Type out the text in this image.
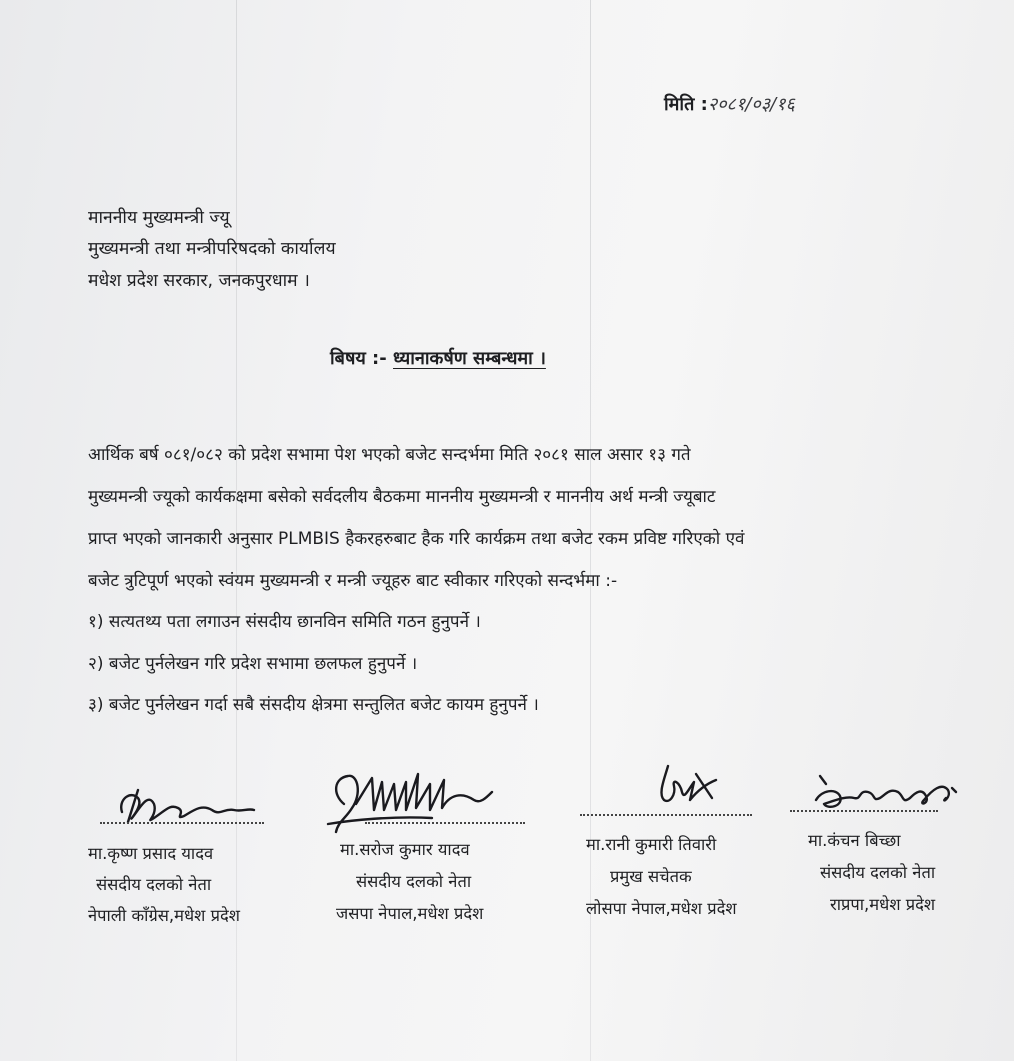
मिति :२०८१/०३/१६
माननीय मुख्यमन्त्री ज्यू
मुख्यमन्त्री तथा मन्त्रीपरिषदको कार्यालय
मधेश प्रदेश सरकार, जनकपुरधाम ।
बिषय :- ध्यानाकर्षण सम्बन्धमा ।
आर्थिक बर्ष ०८१/०८२ को प्रदेश सभामा पेश भएको बजेट सन्दर्भमा मिति २०८१ साल असार १३ गते
मुख्यमन्त्री ज्यूको कार्यकक्षमा बसेको सर्वदलीय बैठकमा माननीय मुख्यमन्त्री र माननीय अर्थ मन्त्री ज्यूबाट
प्राप्त भएको जानकारी अनुसार PLMBIS हैकरहरुबाट हैक गरि कार्यक्रम तथा बजेट रकम प्रविष्ट गरिएको एवं
बजेट त्रुटिपूर्ण भएको स्वंयम मुख्यमन्त्री र मन्त्री ज्यूहरु बाट स्वीकार गरिएको सन्दर्भमा :-
१) सत्यतथ्य पता लगाउन संसदीय छानविन समिति गठन हुनुपर्ने ।
२) बजेट पुर्नलेखन गरि प्रदेश सभामा छलफल हुनुपर्ने ।
३) बजेट पुर्नलेखन गर्दा सबै संसदीय क्षेत्रमा सन्तुलित बजेट कायम हुनुपर्ने ।
मा.कृष्ण प्रसाद यादव
संसदीय दलको नेता
नेपाली काँग्रेस,मधेश प्रदेश
मा.सरोज कुमार यादव
संसदीय दलको नेता
जसपा नेपाल,मधेश प्रदेश
मा.रानी कुमारी तिवारी
प्रमुख सचेतक
लोसपा नेपाल,मधेश प्रदेश
मा.कंचन बिच्छा
संसदीय दलको नेता
राप्रपा,मधेश प्रदेश
